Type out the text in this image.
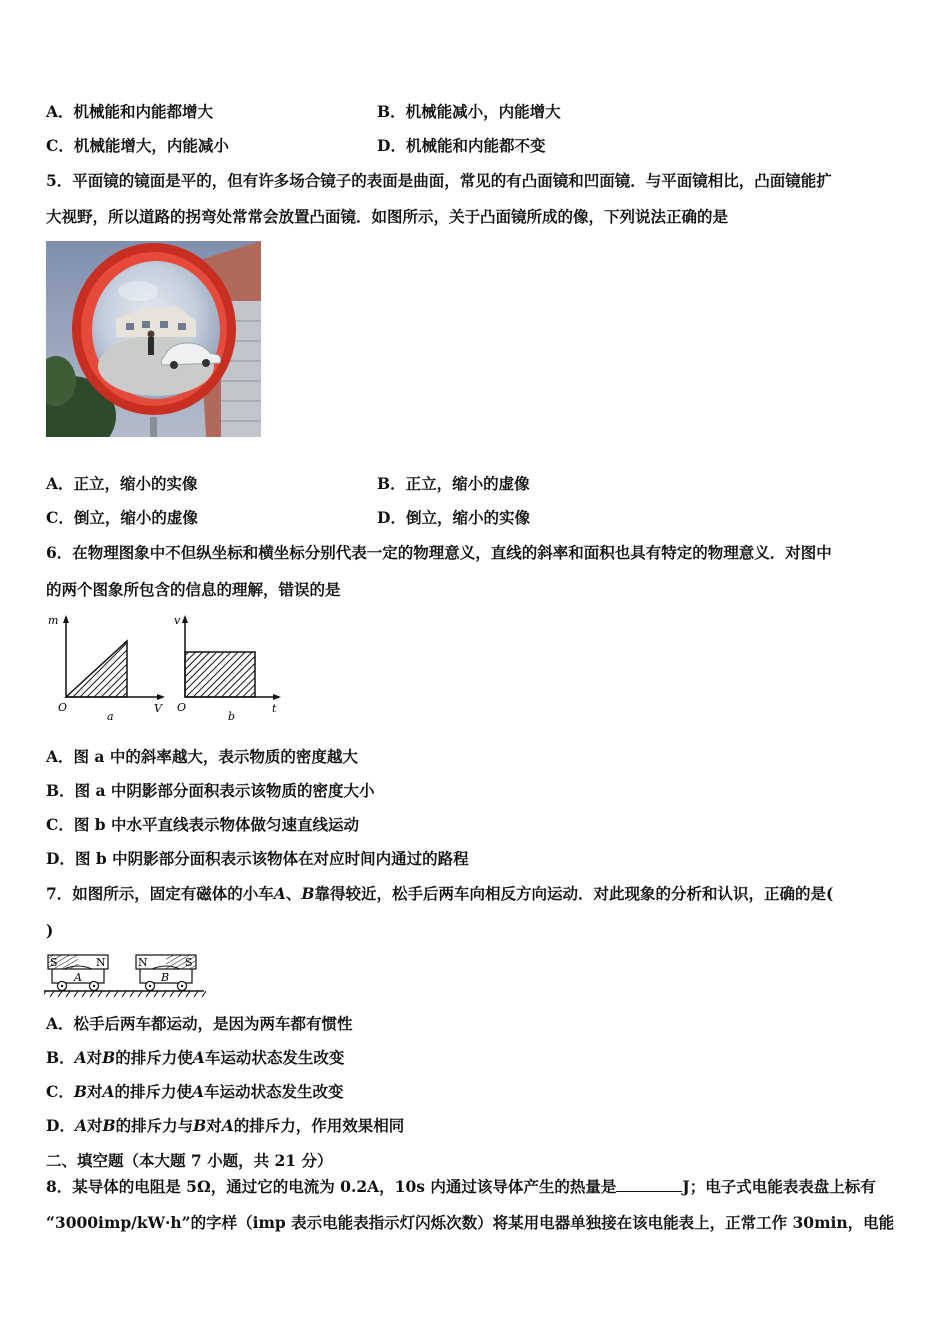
A．机械能和内能都增大	B．机械能减小，内能增大
C．机械能增大，内能减小	D．机械能和内能都不变
5．平面镜的镜面是平的，但有许多场合镜子的表面是曲面，常见的有凸面镜和凹面镜．与平面镜相比，凸面镜能扩
大视野，所以道路的拐弯处常常会放置凸面镜．如图所示，关于凸面镜所成的像，下列说法正确的是
A．正立，缩小的实像	B．正立，缩小的虚像
C．倒立，缩小的虚像	D．倒立，缩小的实像
6．在物理图象中不但纵坐标和横坐标分别代表一定的物理意义，直线的斜率和面积也具有特定的物理意义．对图中
的两个图象所包含的信息的理解，错误的是
m
V
O
a
v
t
O
b
A．图 a 中的斜率越大，表示物质的密度越大
B．图 a 中阴影部分面积表示该物质的密度大小
C．图 b 中水平直线表示物体做匀速直线运动
D．图 b 中阴影部分面积表示该物体在对应时间内通过的路程
7．如图所示，固定有磁体的小车A、B靠得较近，松手后两车向相反方向运动．对此现象的分析和认识，正确的是(
)
S	N
A
N	S
B
A．松手后两车都运动，是因为两车都有惯性
B．A对B的排斥力使A车运动状态发生改变
C．B对A的排斥力使A车运动状态发生改变
D．A对B的排斥力与B对A的排斥力，作用效果相同
二、填空题（本大题 7 小题，共 21 分）
8．某导体的电阻是 5Ω，通过它的电流为 0.2A，10s 内通过该导体产生的热量是	J；电子式电能表表盘上标有
“3000imp/kW·h”的字样（imp 表示电能表指示灯闪烁次数）将某用电器单独接在该电能表上，正常工作 30min，电能
